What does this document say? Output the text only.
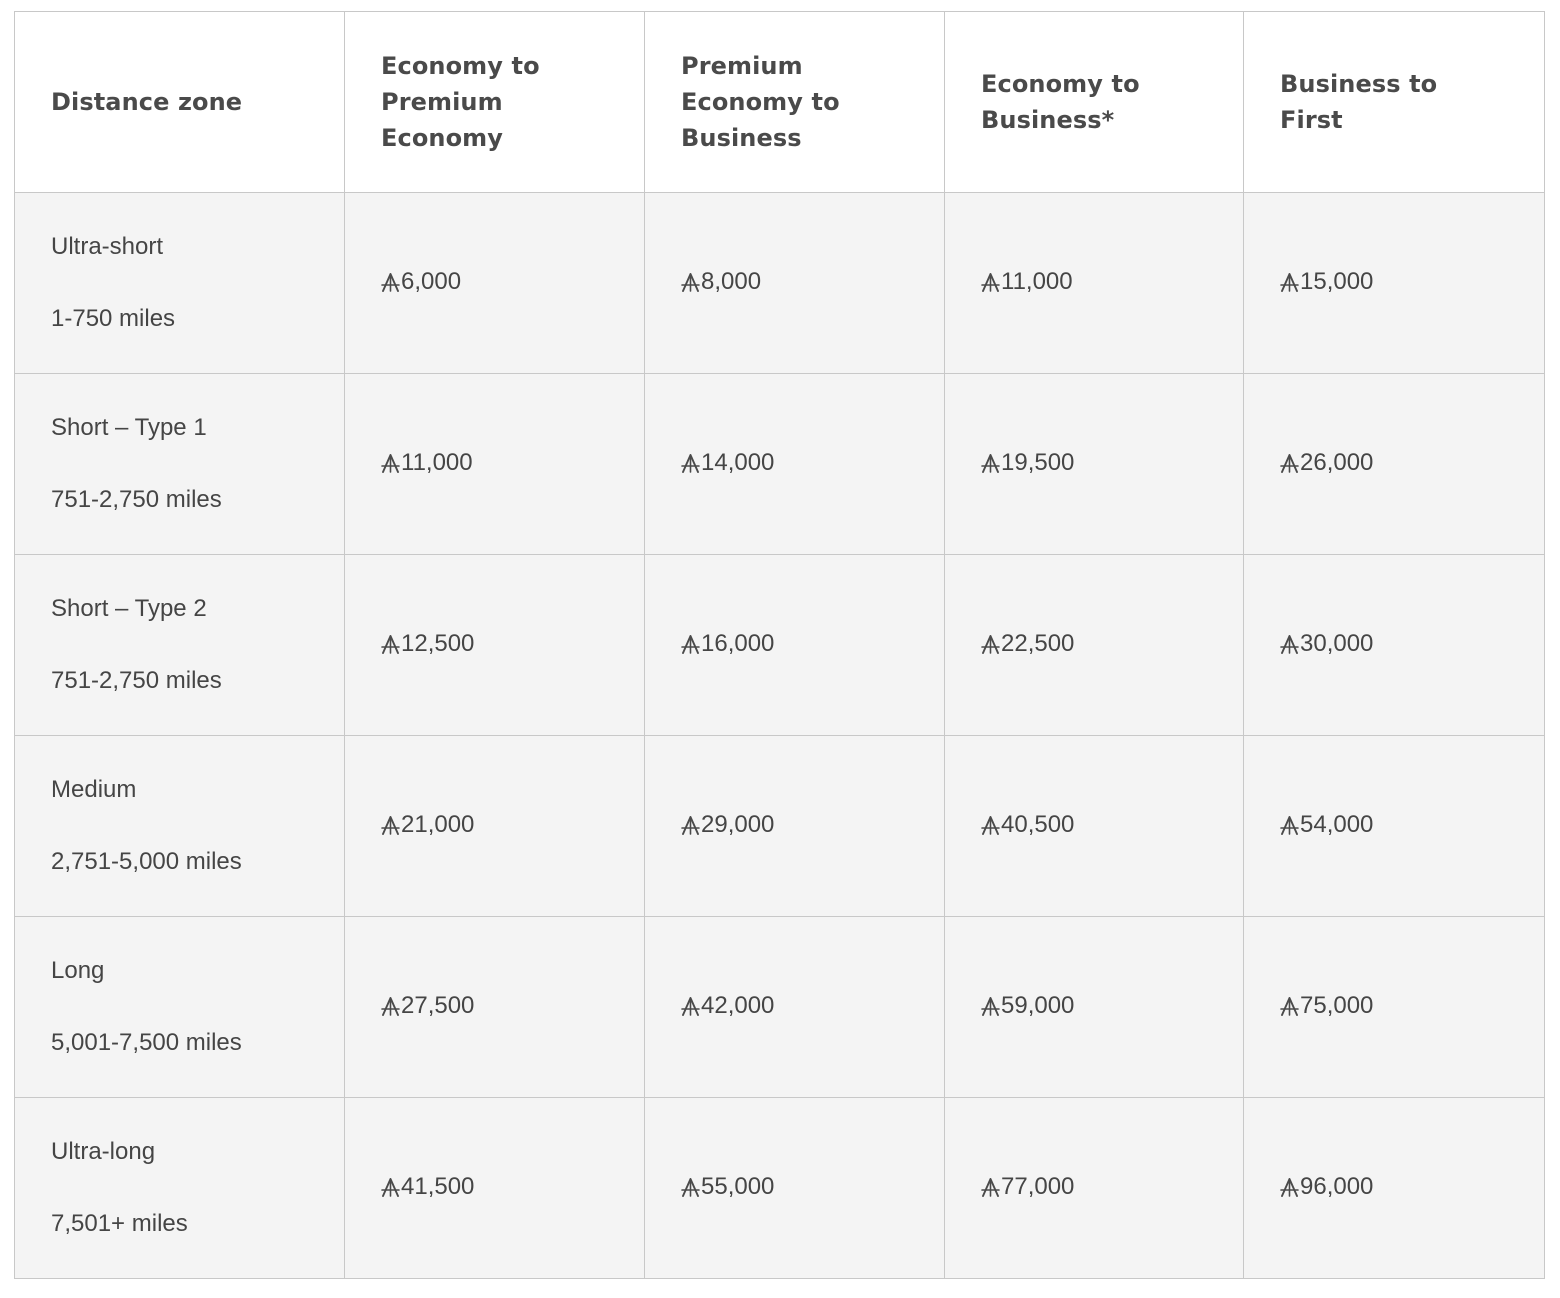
Distance zone	Economy to Premium Economy	Premium Economy to Business	Economy to Business*	Business to First

Ultra-short
1-750 miles	6,000	8,000	11,000	15,000

Short – Type 1
751-2,750 miles	11,000	14,000	19,500	26,000

Short – Type 2
751-2,750 miles	12,500	16,000	22,500	30,000

Medium
2,751-5,000 miles	21,000	29,000	40,500	54,000

Long
5,001-7,500 miles	27,500	42,000	59,000	75,000

Ultra-long
7,501+ miles	41,500	55,000	77,000	96,000
